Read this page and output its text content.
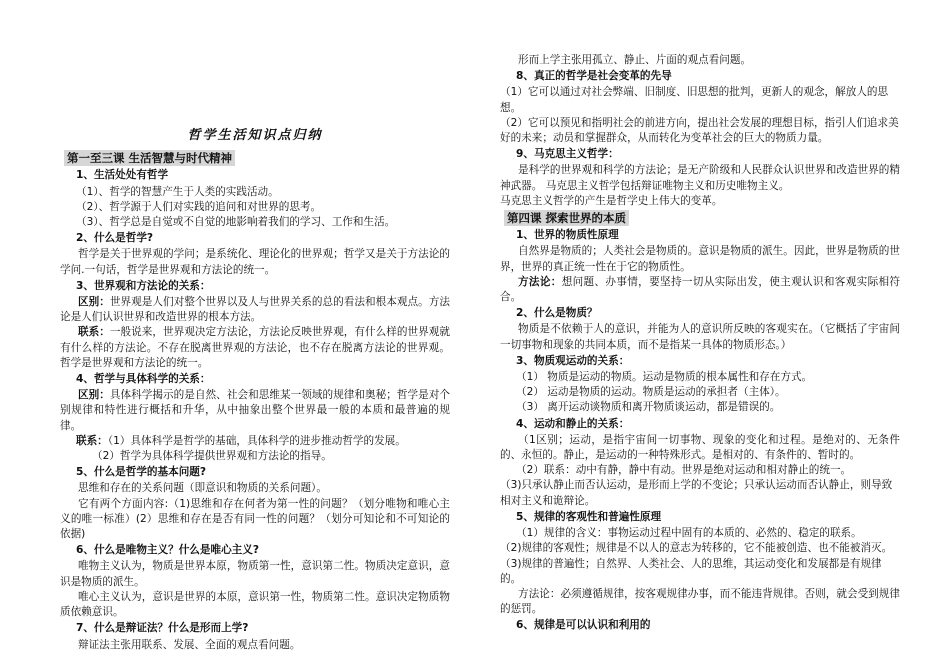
哲学生活知识点归纳
第一至三课 生活智慧与时代精神
1、生活处处有哲学
（1）、哲学的智慧产生于人类的实践活动。
（2）、哲学源于人们对实践的追问和对世界的思考。
（3）、哲学总是自觉或不自觉的地影响着我们的学习、工作和生活。
2、什么是哲学?
哲学是关于世界观的学问；是系统化、理论化的世界观；哲学又是关于方法论的学问.一句话，哲学是世界观和方法论的统一。
3、世界观和方法论的关系：
区别：世界观是人们对整个世界以及人与世界关系的总的看法和根本观点。方法论是人们认识世界和改造世界的根本方法。
联系：一般说来，世界观决定方法论，方法论反映世界观，有什么样的世界观就有什么样的方法论。不存在脱离世界观的方法论，也不存在脱离方法论的世界观。哲学是世界观和方法论的统一。
4、哲学与具体科学的关系：
区别：具体科学揭示的是自然、社会和思维某一领域的规律和奥秘；哲学是对个别规律和特性进行概括和升华，从中抽象出整个世界最一般的本质和最普遍的规律。
联系：（1）具体科学是哲学的基础，具体科学的进步推动哲学的发展。
（2）哲学为具体科学提供世界观和方法论的指导。
5、什么是哲学的基本问题?
思维和存在的关系问题（即意识和物质的关系问题）。
它有两个方面内容:（1)思维和存在何者为第一性的问题？（划分唯物和唯心主义的唯一标准）(2）思维和存在是否有同一性的问题？（划分可知论和不可知论的依据)
6、什么是唯物主义？什么是唯心主义?
唯物主义认为，物质是世界本原，物质第一性，意识第二性。物质决定意识，意识是物质的派生。
唯心主义认为，意识是世界的本原，意识第一性，物质第二性。意识决定物质物质依赖意识。
7、什么是辩证法？什么是形而上学?
辩证法主张用联系、发展、全面的观点看问题。
形而上学主张用孤立、静止、片面的观点看问题。
8、真正的哲学是社会变革的先导
（1）它可以通过对社会弊端、旧制度、旧思想的批判，更新人的观念，解放人的思想。
（2）它可以预见和指明社会的前进方向，提出社会发展的理想目标，指引人们追求美好的未来；动员和掌握群众，从而转化为变革社会的巨大的物质力量。
9、马克思主义哲学：
是科学的世界观和科学的方法论；是无产阶级和人民群众认识世界和改造世界的精神武器。 马克思主义哲学包括辩证唯物主义和历史唯物主义。
马克思主义哲学的产生是哲学史上伟大的变革。
第四课 探索世界的本质
1、世界的物质性原理
自然界是物质的；人类社会是物质的。意识是物质的派生。因此，世界是物质的世界，世界的真正统一性在于它的物质性。
方法论：想问题、办事情，要坚持一切从实际出发，使主观认识和客观实际相符合。
2、什么是物质？
物质是不依赖于人的意识，并能为人的意识所反映的客观实在。（它概括了宇宙间一切事物和现象的共同本质，而不是指某一具体的物质形态。）
3、物质观运动的关系：
（1） 物质是运动的物质。运动是物质的根本属性和存在方式。
（2） 运动是物质的运动。物质是运动的承担者（主体）。
（3） 离开运动谈物质和离开物质谈运动，都是错误的。
4、运动和静止的关系：
（1区别；运动，是指宇宙间一切事物、现象的变化和过程。是绝对的、无条件的、永恒的。静止，是运动的一种特殊形式。是相对的、有条件的、暂时的。
（2）联系：动中有静，静中有动。世界是绝对运动和相对静止的统一。
（3)只承认静止而否认运动，是形而上学的不变论；只承认运动而否认静止，则导致相对主义和诡辩论。
5、规律的客观性和普遍性原理
（1）规律的含义：事物运动过程中固有的本质的、必然的、稳定的联系。
（2)规律的客观性；规律是不以人的意志为转移的，它不能被创造、也不能被消灭。
（3)规律的普遍性；自然界、人类社会、人的思维，其运动变化和发展都是有规律的。
方法论：必须遵循规律，按客观规律办事，而不能违背规律。否则，就会受到规律的惩罚。
6、规律是可以认识和利用的
